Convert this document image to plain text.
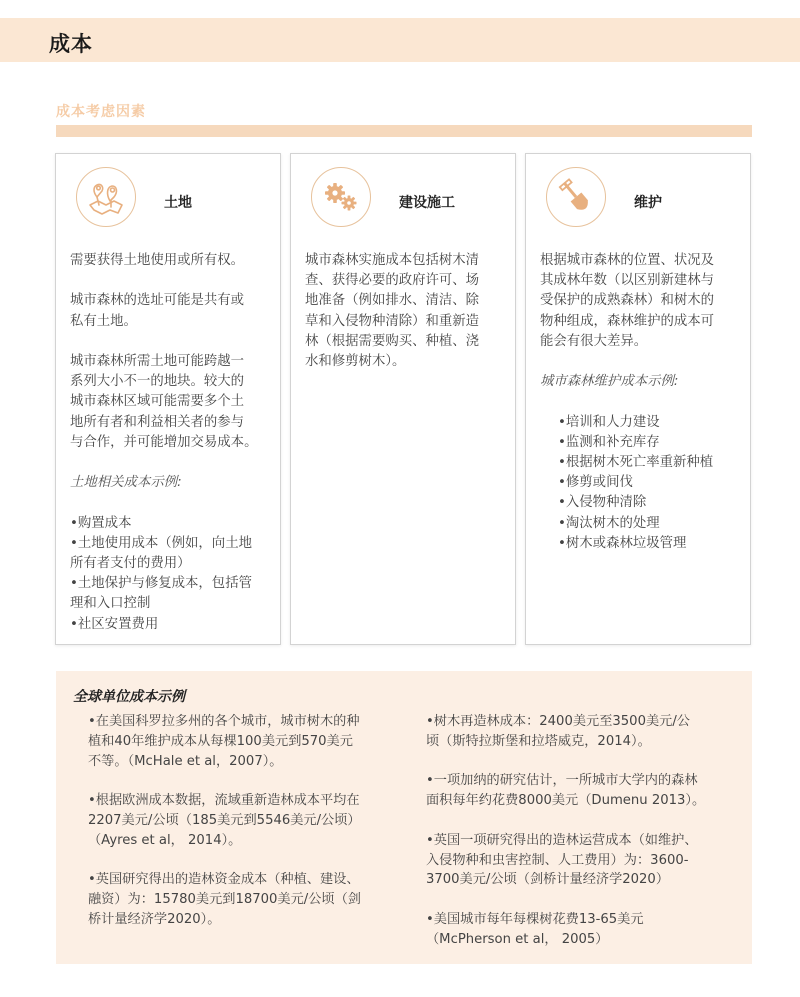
成本
成本考虑因素
土地

需要获得土地使用或所有权。

城市森林的选址可能是共有或

私有土地。

城市森林所需土地可能跨越一

系列大小不一的地块。较大的

城市森林区域可能需要多个土

地所有者和利益相关者的参与

与合作，并可能增加交易成本。

土地相关成本示例:

•购置成本

•土地使用成本（例如，向土地

所有者支付的费用）

•土地保护与修复成本，包括管

理和入口控制

•社区安置费用

建设施工

城市森林实施成本包括树木清

查、获得必要的政府许可、场

地准备（例如排水、清洁、除

草和入侵物种清除）和重新造

林（根据需要购买、种植、浇

水和修剪树木）。

维护

根据城市森林的位置、状况及

其成林年数（以区别新建林与

受保护的成熟森林）和树木的

物种组成，森林维护的成本可

能会有很大差异。

城市森林维护成本示例:

•培训和人力建设

•监测和补充库存

•根据树木死亡率重新种植

•修剪或间伐

•入侵物种清除

•淘汰树木的处理

•树木或森林垃圾管理

全球单位成本示例

•在美国科罗拉多州的各个城市，城市树木的种

植和40年维护成本从每棵100美元到570美元

不等。（McHale et al，2007）。

•根据欧洲成本数据，流域重新造林成本平均在

2207美元/公顷（185美元到5546美元/公顷）

（Ayres et al， 2014）。

•英国研究得出的造林资金成本（种植、建设、

融资）为：15780美元到18700美元/公顷（剑

桥计量经济学2020）。

•树木再造林成本：2400美元至3500美元/公

顷（斯特拉斯堡和拉塔威克，2014）。

•一项加纳的研究估计，一所城市大学内的森林

面积每年约花费8000美元（Dumenu 2013）。

•英国一项研究得出的造林运营成本（如维护、

入侵物种和虫害控制、人工费用）为：3600-

3700美元/公顷（剑桥计量经济学2020）

•美国城市每年每棵树花费13-65美元

（McPherson et al， 2005）
